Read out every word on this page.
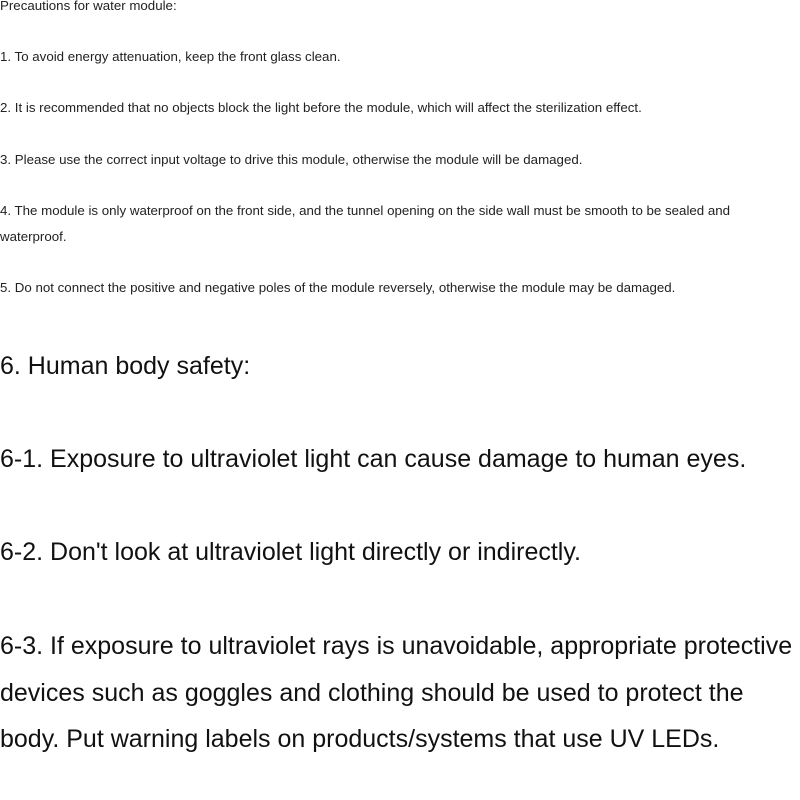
Precautions for water module:

1. To avoid energy attenuation, keep the front glass clean.

2. It is recommended that no objects block the light before the module, which will affect the sterilization effect.

3. Please use the correct input voltage to drive this module, otherwise the module will be damaged.

4. The module is only waterproof on the front side, and the tunnel opening on the side wall must be smooth to be sealed and waterproof.

5. Do not connect the positive and negative poles of the module reversely, otherwise the module may be damaged.

6. Human body safety:

6-1. Exposure to ultraviolet light can cause damage to human eyes.

6-2. Don't look at ultraviolet light directly or indirectly.

6-3. If exposure to ultraviolet rays is unavoidable, appropriate protective devices such as goggles and clothing should be used to protect the body. Put warning labels on products/systems that use UV LEDs.
